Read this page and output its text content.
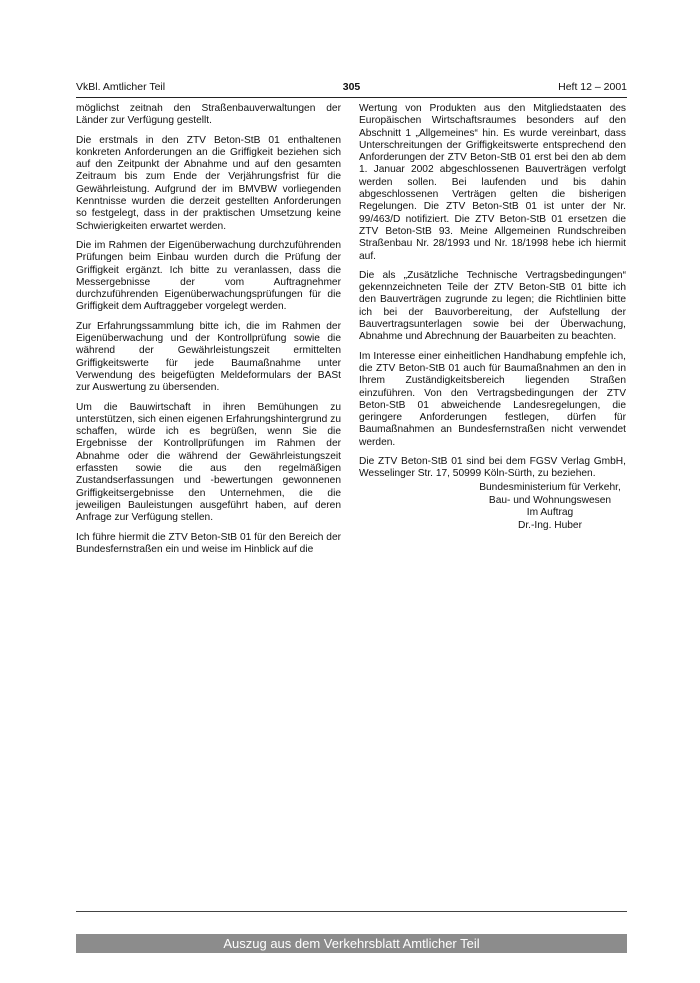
VkBl. Amtlicher Teil	305	Heft 12 – 2001

möglichst zeitnah den Straßenbauverwaltungen der Länder zur Verfügung gestellt.

Die erstmals in den ZTV Beton-StB 01 enthaltenen konkreten Anforderungen an die Griffigkeit beziehen sich auf den Zeitpunkt der Abnahme und auf den gesamten Zeitraum bis zum Ende der Verjährungsfrist für die Gewährleistung. Aufgrund der im BMVBW vorliegenden Kenntnisse wurden die derzeit gestellten Anforderungen so festgelegt, dass in der praktischen Umsetzung keine Schwierigkeiten erwartet werden.

Die im Rahmen der Eigenüberwachung durchzuführenden Prüfungen beim Einbau wurden durch die Prüfung der Griffigkeit ergänzt. Ich bitte zu veranlassen, dass die Messergebnisse der vom Auftragnehmer durchzuführenden Eigenüberwachungsprüfungen für die Griffigkeit dem Auftraggeber vorgelegt werden.

Zur Erfahrungssammlung bitte ich, die im Rahmen der Eigenüberwachung und der Kontrollprüfung sowie die während der Gewährleistungszeit ermittelten Griffigkeitswerte für jede Baumaßnahme unter Verwendung des beigefügten Meldeformulars der BASt zur Auswertung zu übersenden.

Um die Bauwirtschaft in ihren Bemühungen zu unterstützen, sich einen eigenen Erfahrungshintergrund zu schaffen, würde ich es begrüßen, wenn Sie die Ergebnisse der Kontrollprüfungen im Rahmen der Abnahme oder die während der Gewährleistungszeit erfassten sowie die aus den regelmäßigen Zustandserfassungen und -bewertungen gewonnenen Griffigkeitsergebnisse den Unternehmen, die die jeweiligen Bauleistungen ausgeführt haben, auf deren Anfrage zur Verfügung stellen.

Ich führe hiermit die ZTV Beton-StB 01 für den Bereich der Bundesfernstraßen ein und weise im Hinblick auf die

Wertung von Produkten aus den Mitgliedstaaten des Europäischen Wirtschaftsraumes besonders auf den Abschnitt 1 „Allgemeines“ hin. Es wurde vereinbart, dass Unterschreitungen der Griffigkeitswerte entsprechend den Anforderungen der ZTV Beton-StB 01 erst bei den ab dem 1. Januar 2002 abgeschlossenen Bauverträgen verfolgt werden sollen. Bei laufenden und bis dahin abgeschlossenen Verträgen gelten die bisherigen Regelungen. Die ZTV Beton-StB 01 ist unter der Nr. 99/463/D notifiziert. Die ZTV Beton-StB 01 ersetzen die ZTV Beton-StB 93. Meine Allgemeinen Rundschreiben Straßenbau Nr. 28/1993 und Nr. 18/1998 hebe ich hiermit auf.

Die als „Zusätzliche Technische Vertragsbedingungen“ gekennzeichneten Teile der ZTV Beton-StB 01 bitte ich den Bauverträgen zugrunde zu legen; die Richtlinien bitte ich bei der Bauvorbereitung, der Aufstellung der Bauvertragsunterlagen sowie bei der Überwachung, Abnahme und Abrechnung der Bauarbeiten zu beachten.

Im Interesse einer einheitlichen Handhabung empfehle ich, die ZTV Beton-StB 01 auch für Baumaßnahmen an den in Ihrem Zuständigkeitsbereich liegenden Straßen einzuführen. Von den Vertragsbedingungen der ZTV Beton-StB 01 abweichende Landesregelungen, die geringere Anforderungen festlegen, dürfen für Baumaßnahmen an Bundesfernstraßen nicht verwendet werden.

Die ZTV Beton-StB 01 sind bei dem FGSV Verlag GmbH, Wesselinger Str. 17, 50999 Köln-Sürth, zu beziehen.

Bundesministerium für Verkehr,
Bau- und Wohnungswesen
Im Auftrag
Dr.-Ing. Huber
Auszug aus dem Verkehrsblatt Amtlicher Teil
